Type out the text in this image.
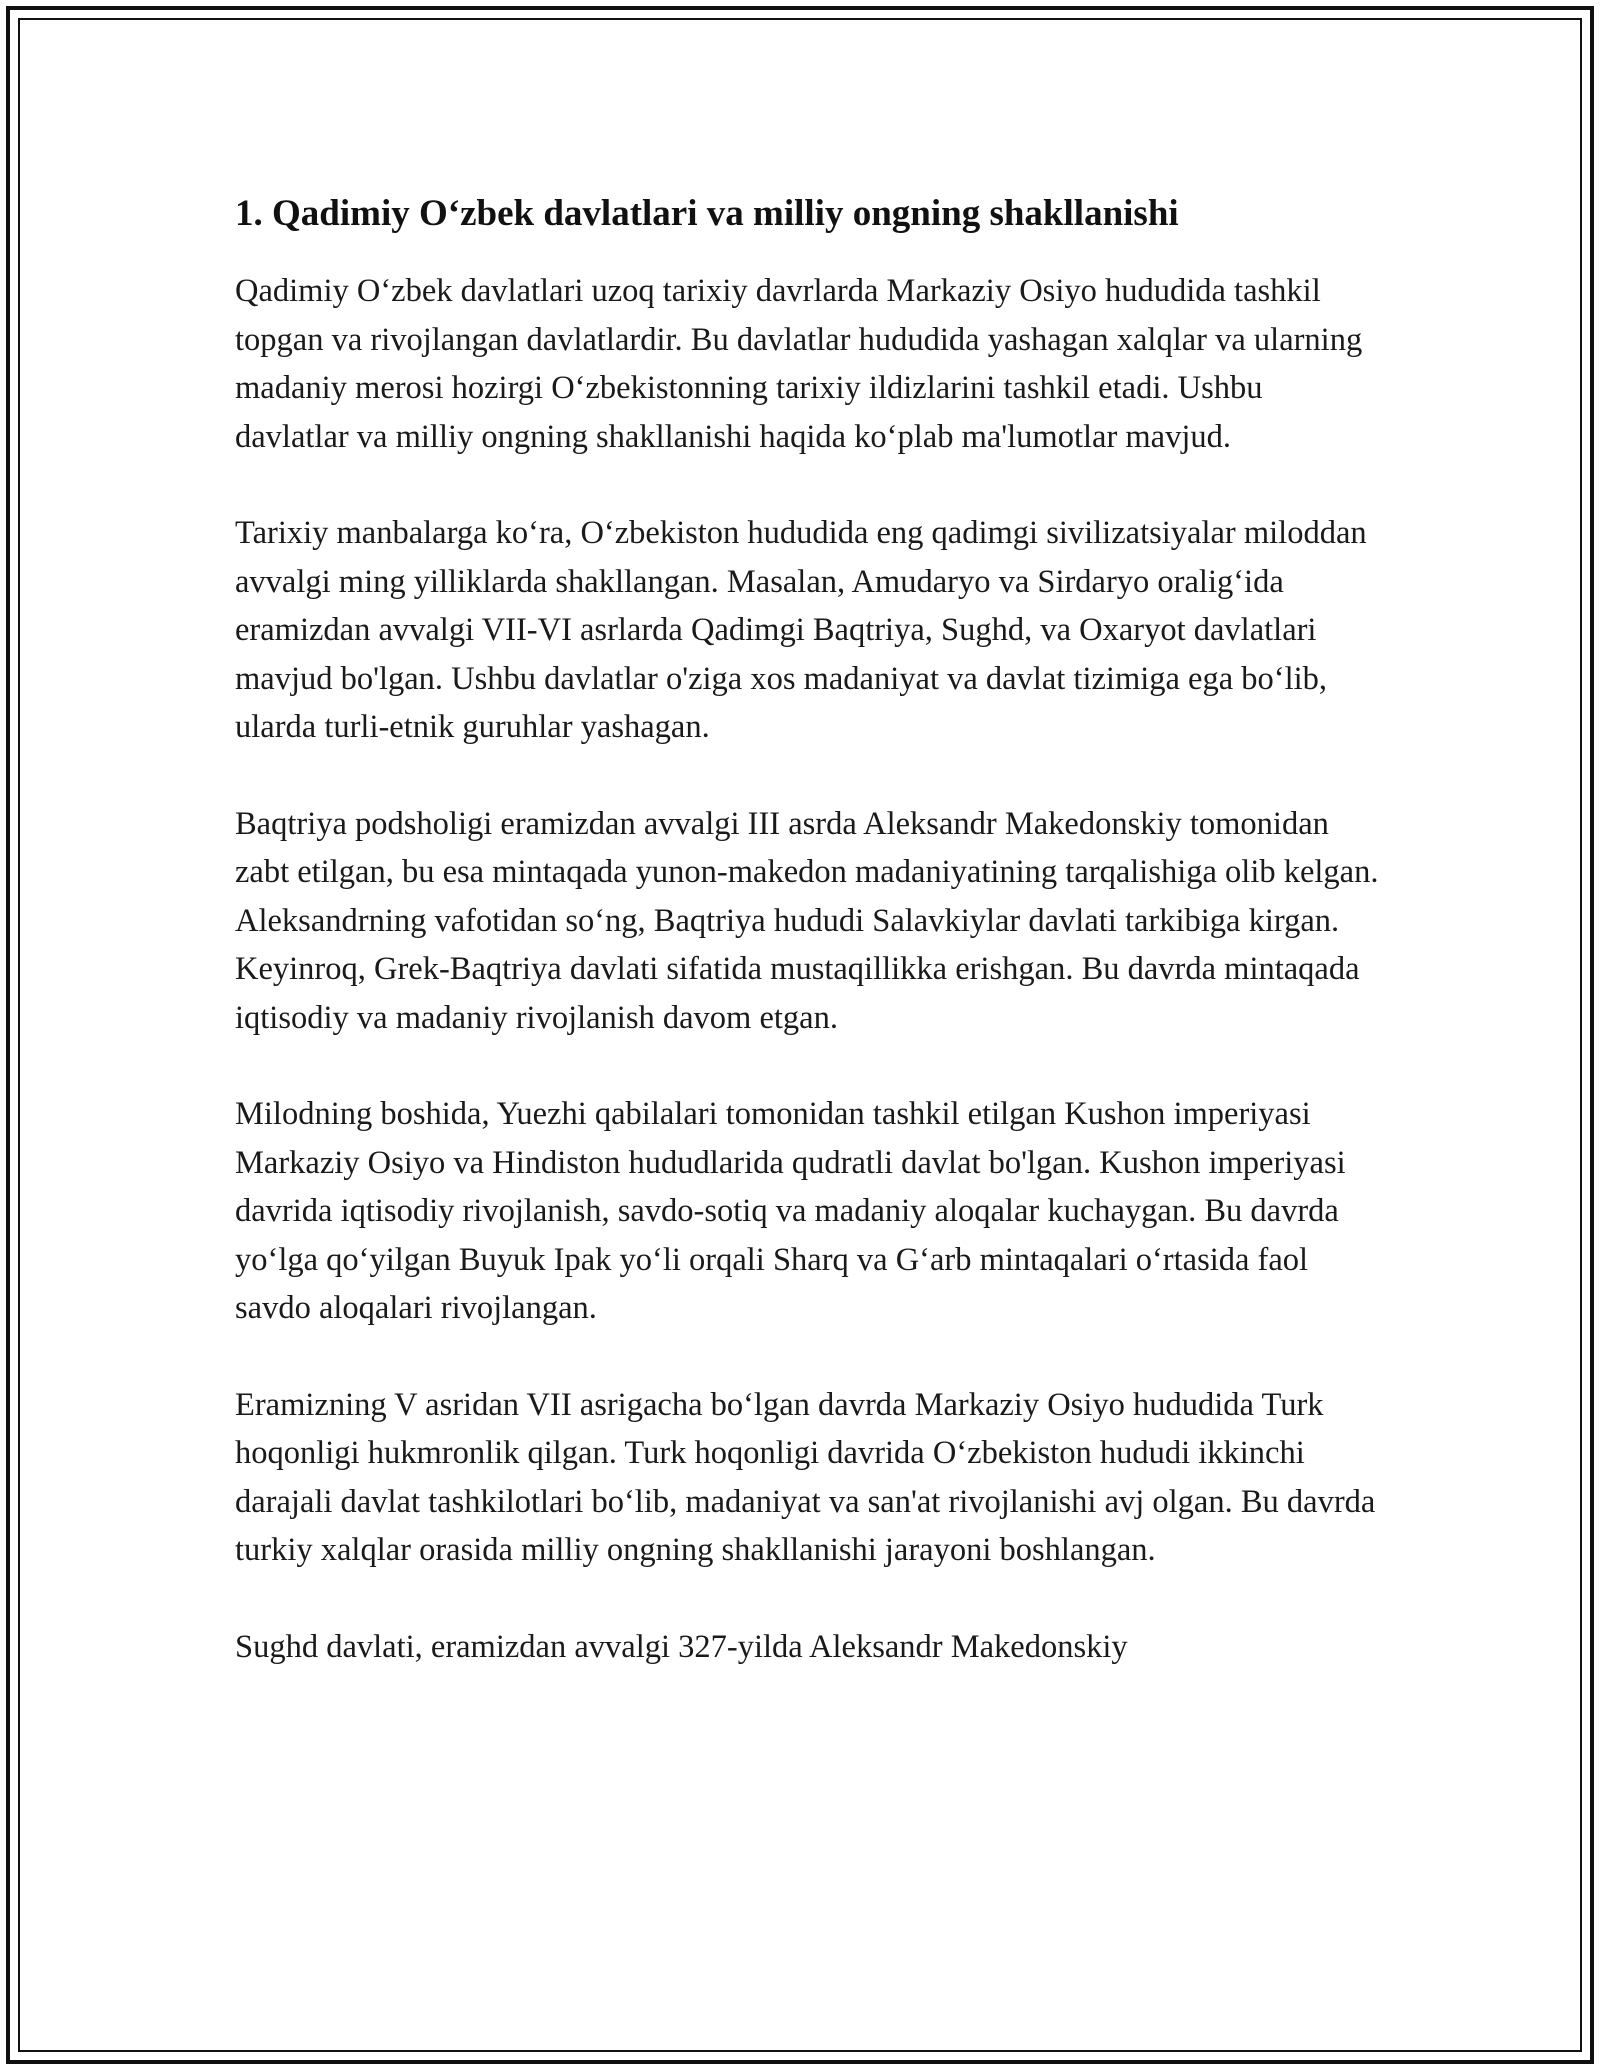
1. Qadimiy O‘zbek davlatlari va milliy ongning shakllanishi

Qadimiy O‘zbek davlatlari uzoq tarixiy davrlarda Markaziy Osiyo hududida tashkil topgan va rivojlangan davlatlardir. Bu davlatlar hududida yashagan xalqlar va ularning madaniy merosi hozirgi O‘zbekistonning tarixiy ildizlarini tashkil etadi. Ushbu davlatlar va milliy ongning shakllanishi haqida ko‘plab ma'lumotlar mavjud.

Tarixiy manbalarga ko‘ra, O‘zbekiston hududida eng qadimgi sivilizatsiyalar miloddan avvalgi ming yilliklarda shakllangan. Masalan, Amudaryo va Sirdaryo oralig‘ida eramizdan avvalgi VII-VI asrlarda Qadimgi Baqtriya, Sughd, va Oxaryot davlatlari mavjud bo'lgan. Ushbu davlatlar o'ziga xos madaniyat va davlat tizimiga ega bo‘lib, ularda turli-etnik guruhlar yashagan.

Baqtriya podsholigi eramizdan avvalgi III asrda Aleksandr Makedonskiy tomonidan zabt etilgan, bu esa mintaqada yunon-makedon madaniyatining tarqalishiga olib kelgan. Aleksandrning vafotidan so‘ng, Baqtriya hududi Salavkiylar davlati tarkibiga kirgan. Keyinroq, Grek-Baqtriya davlati sifatida mustaqillikka erishgan. Bu davrda mintaqada iqtisodiy va madaniy rivojlanish davom etgan.

Milodning boshida, Yuezhi qabilalari tomonidan tashkil etilgan Kushon imperiyasi Markaziy Osiyo va Hindiston hududlarida qudratli davlat bo'lgan. Kushon imperiyasi davrida iqtisodiy rivojlanish, savdo-sotiq va madaniy aloqalar kuchaygan. Bu davrda yo‘lga qo‘yilgan Buyuk Ipak yo‘li orqali Sharq va G‘arb mintaqalari o‘rtasida faol savdo aloqalari rivojlangan.

Eramizning V asridan VII asrigacha bo‘lgan davrda Markaziy Osiyo hududida Turk hoqonligi hukmronlik qilgan. Turk hoqonligi davrida O‘zbekiston hududi ikkinchi darajali davlat tashkilotlari bo‘lib, madaniyat va san'at rivojlanishi avj olgan. Bu davrda turkiy xalqlar orasida milliy ongning shakllanishi jarayoni boshlangan.

Sughd davlati, eramizdan avvalgi 327-yilda Aleksandr Makedonskiy
